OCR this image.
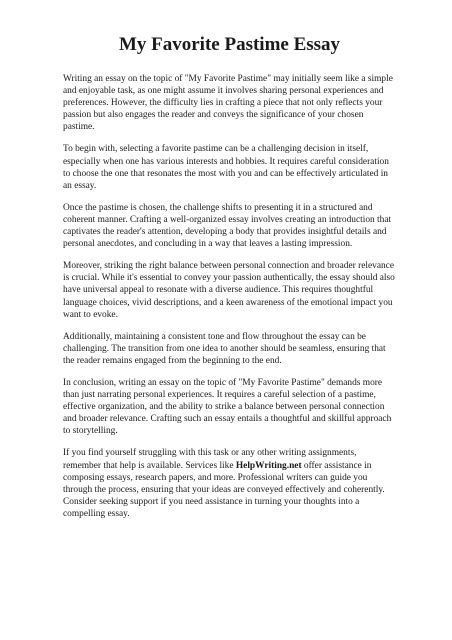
My Favorite Pastime Essay

Writing an essay on the topic of "My Favorite Pastime" may initially seem like a simple and enjoyable task, as one might assume it involves sharing personal experiences and preferences. However, the difficulty lies in crafting a piece that not only reflects your passion but also engages the reader and conveys the significance of your chosen pastime.

To begin with, selecting a favorite pastime can be a challenging decision in itself, especially when one has various interests and hobbies. It requires careful consideration to choose the one that resonates the most with you and can be effectively articulated in an essay.

Once the pastime is chosen, the challenge shifts to presenting it in a structured and coherent manner. Crafting a well-organized essay involves creating an introduction that captivates the reader's attention, developing a body that provides insightful details and personal anecdotes, and concluding in a way that leaves a lasting impression.

Moreover, striking the right balance between personal connection and broader relevance is crucial. While it's essential to convey your passion authentically, the essay should also have universal appeal to resonate with a diverse audience. This requires thoughtful language choices, vivid descriptions, and a keen awareness of the emotional impact you want to evoke.

Additionally, maintaining a consistent tone and flow throughout the essay can be challenging. The transition from one idea to another should be seamless, ensuring that the reader remains engaged from the beginning to the end.

In conclusion, writing an essay on the topic of "My Favorite Pastime" demands more than just narrating personal experiences. It requires a careful selection of a pastime, effective organization, and the ability to strike a balance between personal connection and broader relevance. Crafting such an essay entails a thoughtful and skillful approach to storytelling.

If you find yourself struggling with this task or any other writing assignments, remember that help is available. Services like HelpWriting.net offer assistance in composing essays, research papers, and more. Professional writers can guide you through the process, ensuring that your ideas are conveyed effectively and coherently. Consider seeking support if you need assistance in turning your thoughts into a compelling essay.
